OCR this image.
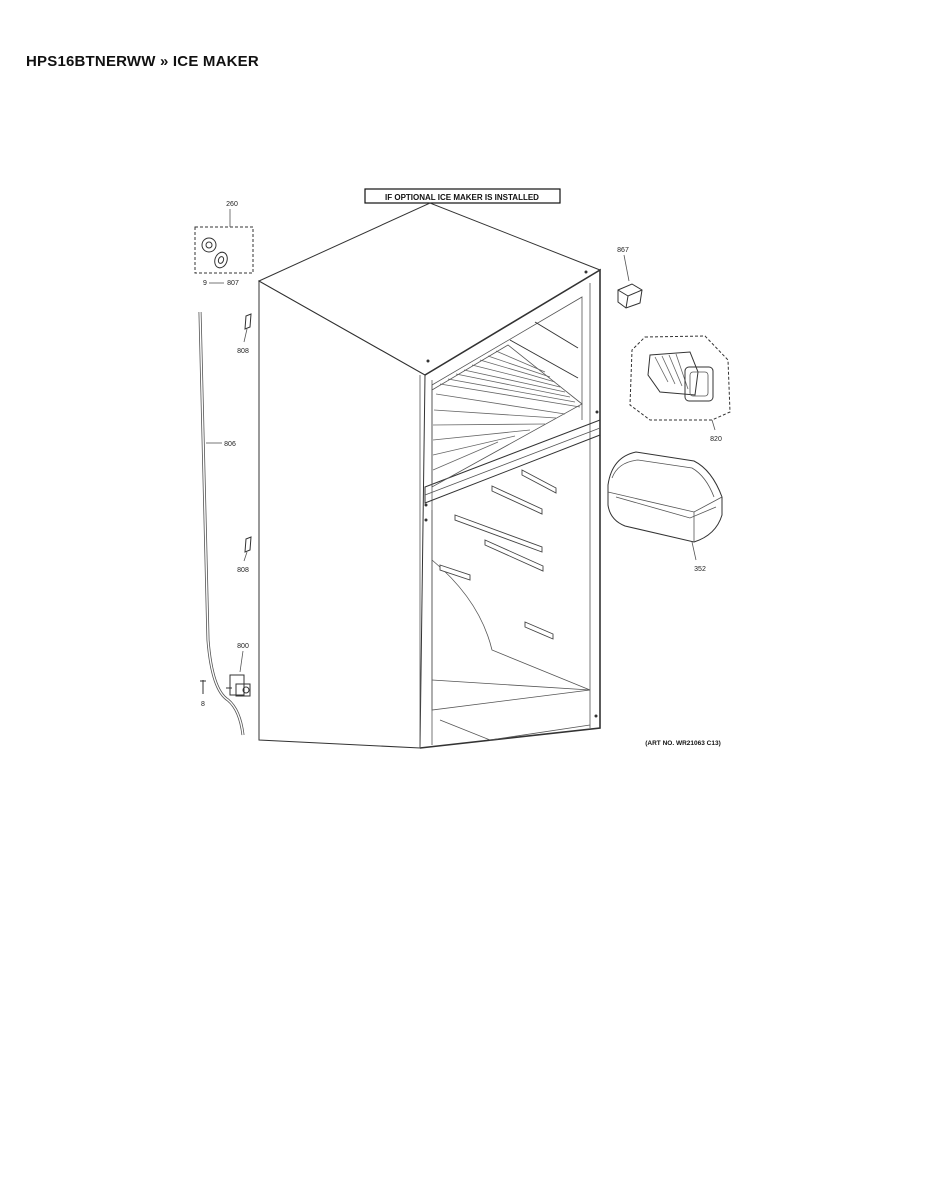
HPS16BTNERWW » ICE MAKER
IF OPTIONAL ICE MAKER IS INSTALLED
260
9	807
806
808
808
800
8
867
820
352
(ART NO. WR21063 C13)
